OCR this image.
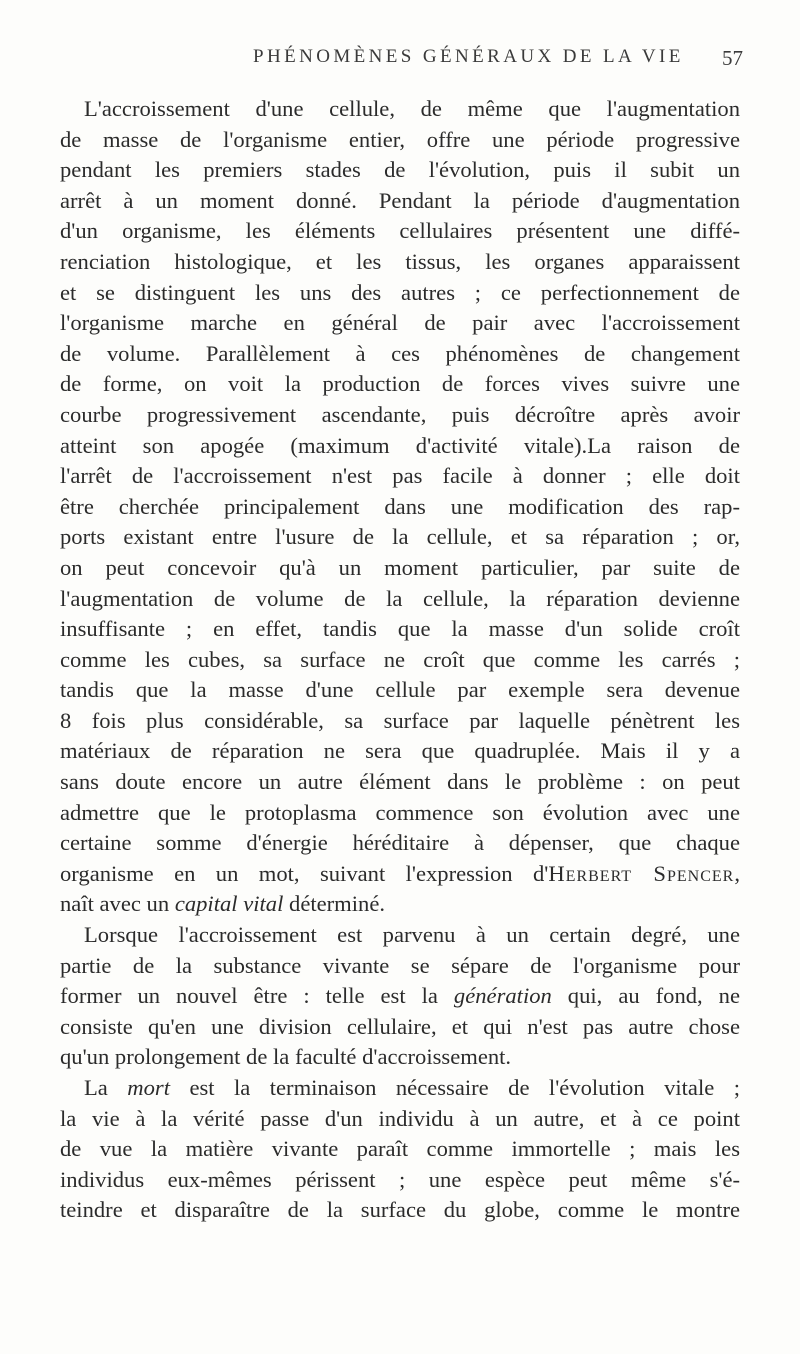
PHÉNOMÈNES GÉNÉRAUX DE LA VIE 57
L'accroissement d'une cellule, de même que l'augmentation
de masse de l'organisme entier, offre une période progressive
pendant les premiers stades de l'évolution, puis il subit un
arrêt à un moment donné. Pendant la période d'augmentation
d'un organisme, les éléments cellulaires présentent une diffé-
renciation histologique, et les tissus, les organes apparaissent
et se distinguent les uns des autres ; ce perfectionnement de
l'organisme marche en général de pair avec l'accroissement
de volume. Parallèlement à ces phénomènes de changement
de forme, on voit la production de forces vives suivre une
courbe progressivement ascendante, puis décroître après avoir
atteint son apogée (maximum d'activité vitale).La raison de
l'arrêt de l'accroissement n'est pas facile à donner ; elle doit
être cherchée principalement dans une modification des rap-
ports existant entre l'usure de la cellule, et sa réparation ; or,
on peut concevoir qu'à un moment particulier, par suite de
l'augmentation de volume de la cellule, la réparation devienne
insuffisante ; en effet, tandis que la masse d'un solide croît
comme les cubes, sa surface ne croît que comme les carrés ;
tandis que la masse d'une cellule par exemple sera devenue
8 fois plus considérable, sa surface par laquelle pénètrent les
matériaux de réparation ne sera que quadruplée. Mais il y a
sans doute encore un autre élément dans le problème : on peut
admettre que le protoplasma commence son évolution avec une
certaine somme d'énergie héréditaire à dépenser, que chaque
organisme en un mot, suivant l'expression d'Herbert Spencer,
naît avec un capital vital déterminé.
Lorsque l'accroissement est parvenu à un certain degré, une
partie de la substance vivante se sépare de l'organisme pour
former un nouvel être : telle est la génération qui, au fond, ne
consiste qu'en une division cellulaire, et qui n'est pas autre chose
qu'un prolongement de la faculté d'accroissement.
La mort est la terminaison nécessaire de l'évolution vitale ;
la vie à la vérité passe d'un individu à un autre, et à ce point
de vue la matière vivante paraît comme immortelle ; mais les
individus eux-mêmes périssent ; une espèce peut même s'é-
teindre et disparaître de la surface du globe, comme le montre
